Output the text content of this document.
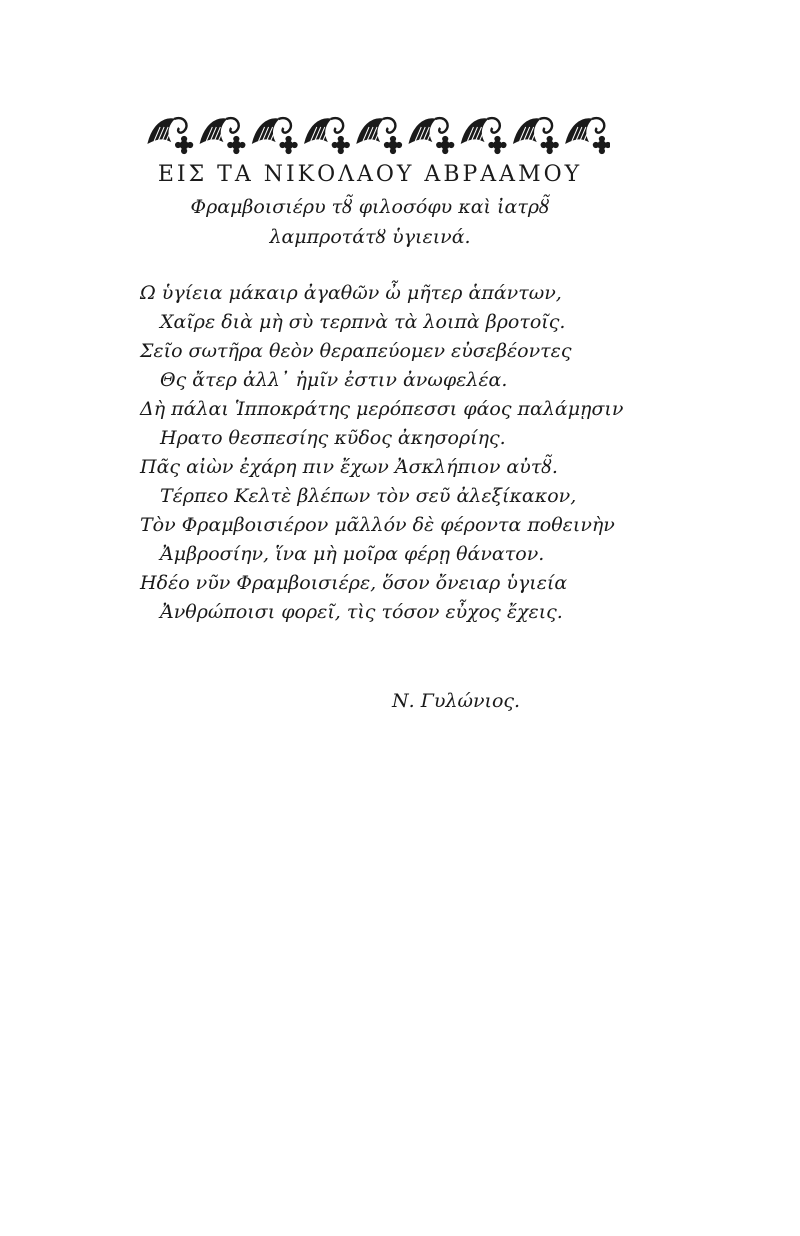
ΕΙΣ ΤΑ ΝΙΚΟΛΑΟΥ ΑΒΡΑΑΜΟΥ
Φραμβοισιέρυ τȣ̃ φιλοσόφυ καὶ ἰατρȣ̃
λαμπροτάτȣ ὑγιεινά.
Ω ὑγίεια μάκαιρ ἀγαθῶν ὦ μῆτερ ἁπάντων,
Χαῖρε διὰ μὴ σὺ τερπνὰ τὰ λοιπὰ βροτοῖς.
Σεῖο σωτῆρα θεὸν θεραπεύομεν εὐσεβέοντες
Θς ἄτερ ἀλλ᾽ ἡμῖν ἐστιν ἀνωφελέα.
Δὴ πάλαι Ἱπποκράτης μερόπεσσι φάος παλάμῃσιν
Ηρατο θεσπεσίης κῦδος ἀκησορίης.
Πᾶς αἰὼν ἐχάρη πιν ἔχων Ἀσκλήπιον αὐτȣ̃.
Τέρπεο Κελτὲ βλέπων τὸν σεῦ ἀλεξίκακον,
Τὸν Φραμβοισιέρον μᾶλλόν δὲ φέροντα ποθεινὴν
Ἀμβροσίην, ἵνα μὴ μοῖρα φέρῃ θάνατον.
Ηδέο νῦν Φραμβοισιέρε, ὅσον ὄνειαρ ὑγιεία
Ἀνθρώποισι φορεῖ, τὶς τόσον εὖχος ἔχεις.
Ν. Γυλώνιος.
